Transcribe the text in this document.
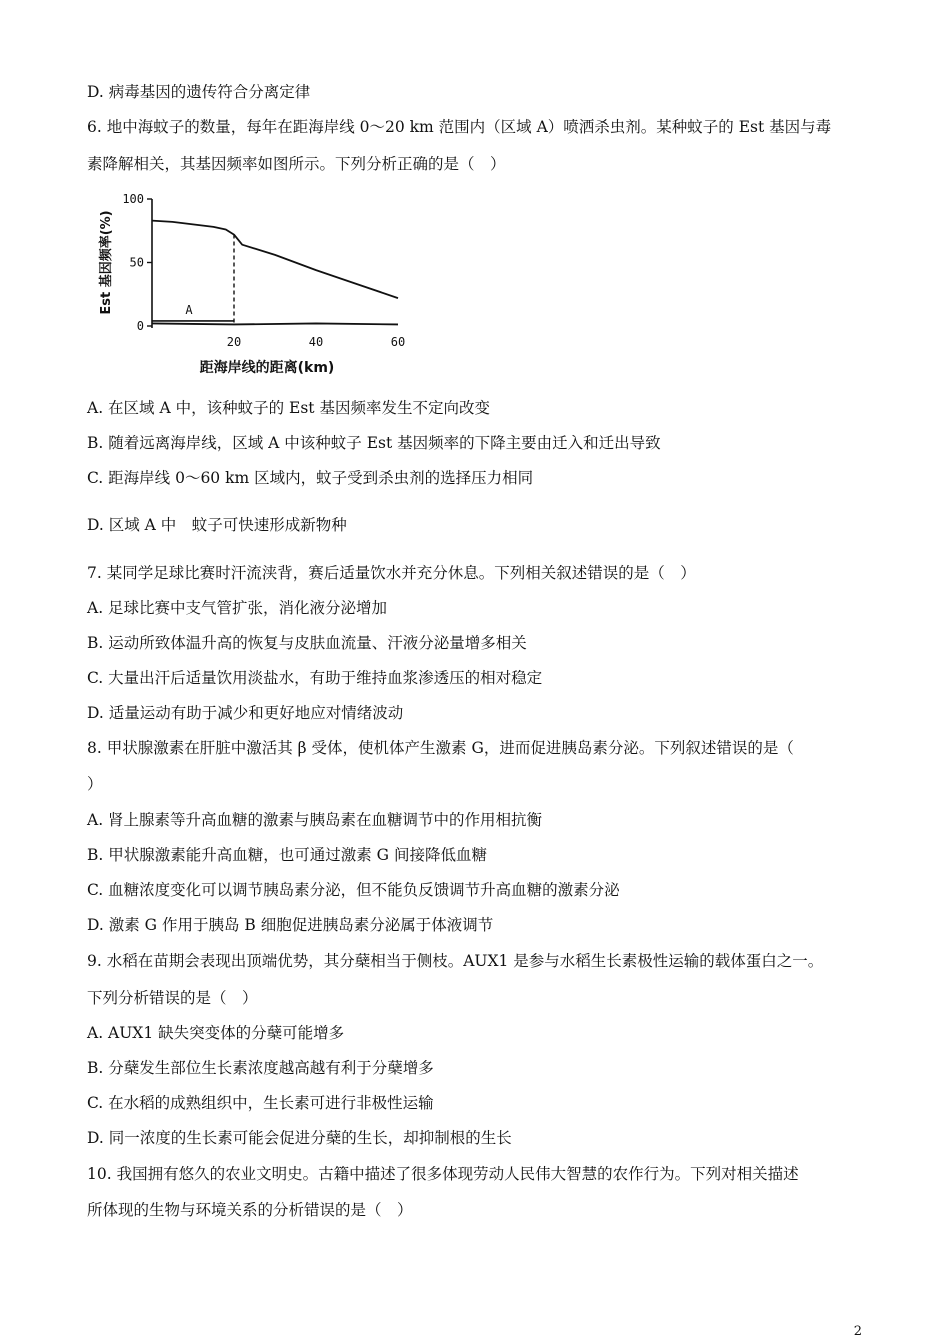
D. 病毒基因的遗传符合分离定律
6. 地中海蚊子的数量，每年在距海岸线 0～20 km 范围内（区域 A）喷洒杀虫剂。某种蚊子的 Est 基因与毒
素降解相关，其基因频率如图所示。下列分析正确的是（　）
0
50
100
20	40	60
A
距海岸线的距离(km)
Est 基因频率(%)
A. 在区域 A 中，该种蚊子的 Est 基因频率发生不定向改变
B. 随着远离海岸线，区域 A 中该种蚊子 Est 基因频率的下降主要由迁入和迁出导致
C. 距海岸线 0～60 km 区域内，蚊子受到杀虫剂的选择压力相同
D. 区域 A 中　蚊子可快速形成新物种
7. 某同学足球比赛时汗流浃背，赛后适量饮水并充分休息。下列相关叙述错误的是（　）
A. 足球比赛中支气管扩张，消化液分泌增加
B. 运动所致体温升高的恢复与皮肤血流量、汗液分泌量增多相关
C. 大量出汗后适量饮用淡盐水，有助于维持血浆渗透压的相对稳定
D. 适量运动有助于减少和更好地应对情绪波动
8. 甲状腺激素在肝脏中激活其 β 受体，使机体产生激素 G，进而促进胰岛素分泌。下列叙述错误的是（
）
A. 肾上腺素等升高血糖的激素与胰岛素在血糖调节中的作用相抗衡
B. 甲状腺激素能升高血糖，也可通过激素 G 间接降低血糖
C. 血糖浓度变化可以调节胰岛素分泌，但不能负反馈调节升高血糖的激素分泌
D. 激素 G 作用于胰岛 B 细胞促进胰岛素分泌属于体液调节
9. 水稻在苗期会表现出顶端优势，其分蘖相当于侧枝。AUX1 是参与水稻生长素极性运输的载体蛋白之一。
下列分析错误的是（　）
A. AUX1 缺失突变体的分蘖可能增多
B. 分蘖发生部位生长素浓度越高越有利于分蘖增多
C. 在水稻的成熟组织中，生长素可进行非极性运输
D. 同一浓度的生长素可能会促进分蘖的生长，却抑制根的生长
10. 我国拥有悠久的农业文明史。古籍中描述了很多体现劳动人民伟大智慧的农作行为。下列对相关描述
所体现的生物与环境关系的分析错误的是（　）
2
